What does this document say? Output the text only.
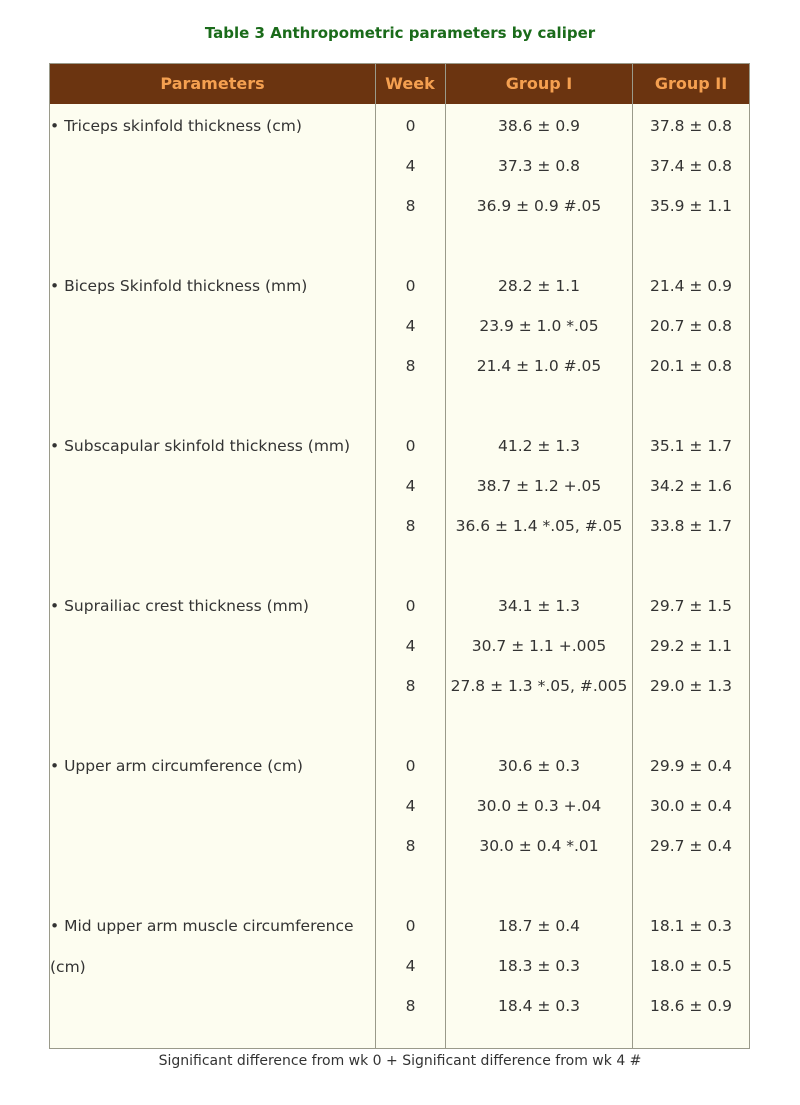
Table 3 Anthropometric parameters by caliper
Parameters	Week	Group I	Group II
• Triceps skinfold thickness (cm)	0	38.6 ± 0.9	37.8 ± 0.8
4	37.3 ± 0.8	37.4 ± 0.8
8	36.9 ± 0.9 #.05	35.9 ± 1.1
• Biceps Skinfold thickness (mm)	0	28.2 ± 1.1	21.4 ± 0.9
4	23.9 ± 1.0 *.05	20.7 ± 0.8
8	21.4 ± 1.0 #.05	20.1 ± 0.8
• Subscapular skinfold thickness (mm)	0	41.2 ± 1.3	35.1 ± 1.7
4	38.7 ± 1.2 +.05	34.2 ± 1.6
8	36.6 ± 1.4 *.05, #.05	33.8 ± 1.7
• Suprailiac crest thickness (mm)	0	34.1 ± 1.3	29.7 ± 1.5
4	30.7 ± 1.1 +.005	29.2 ± 1.1
8	27.8 ± 1.3 *.05, #.005	29.0 ± 1.3
• Upper arm circumference (cm)	0	30.6 ± 0.3	29.9 ± 0.4
4	30.0 ± 0.3 +.04	30.0 ± 0.4
8	30.0 ± 0.4 *.01	29.7 ± 0.4
• Mid upper arm muscle circumference (cm)
0	18.7 ± 0.4	18.1 ± 0.3
4	18.3 ± 0.3	18.0 ± 0.5
8	18.4 ± 0.3	18.6 ± 0.9
Significant difference from wk 0 + Significant difference from wk 4 #
